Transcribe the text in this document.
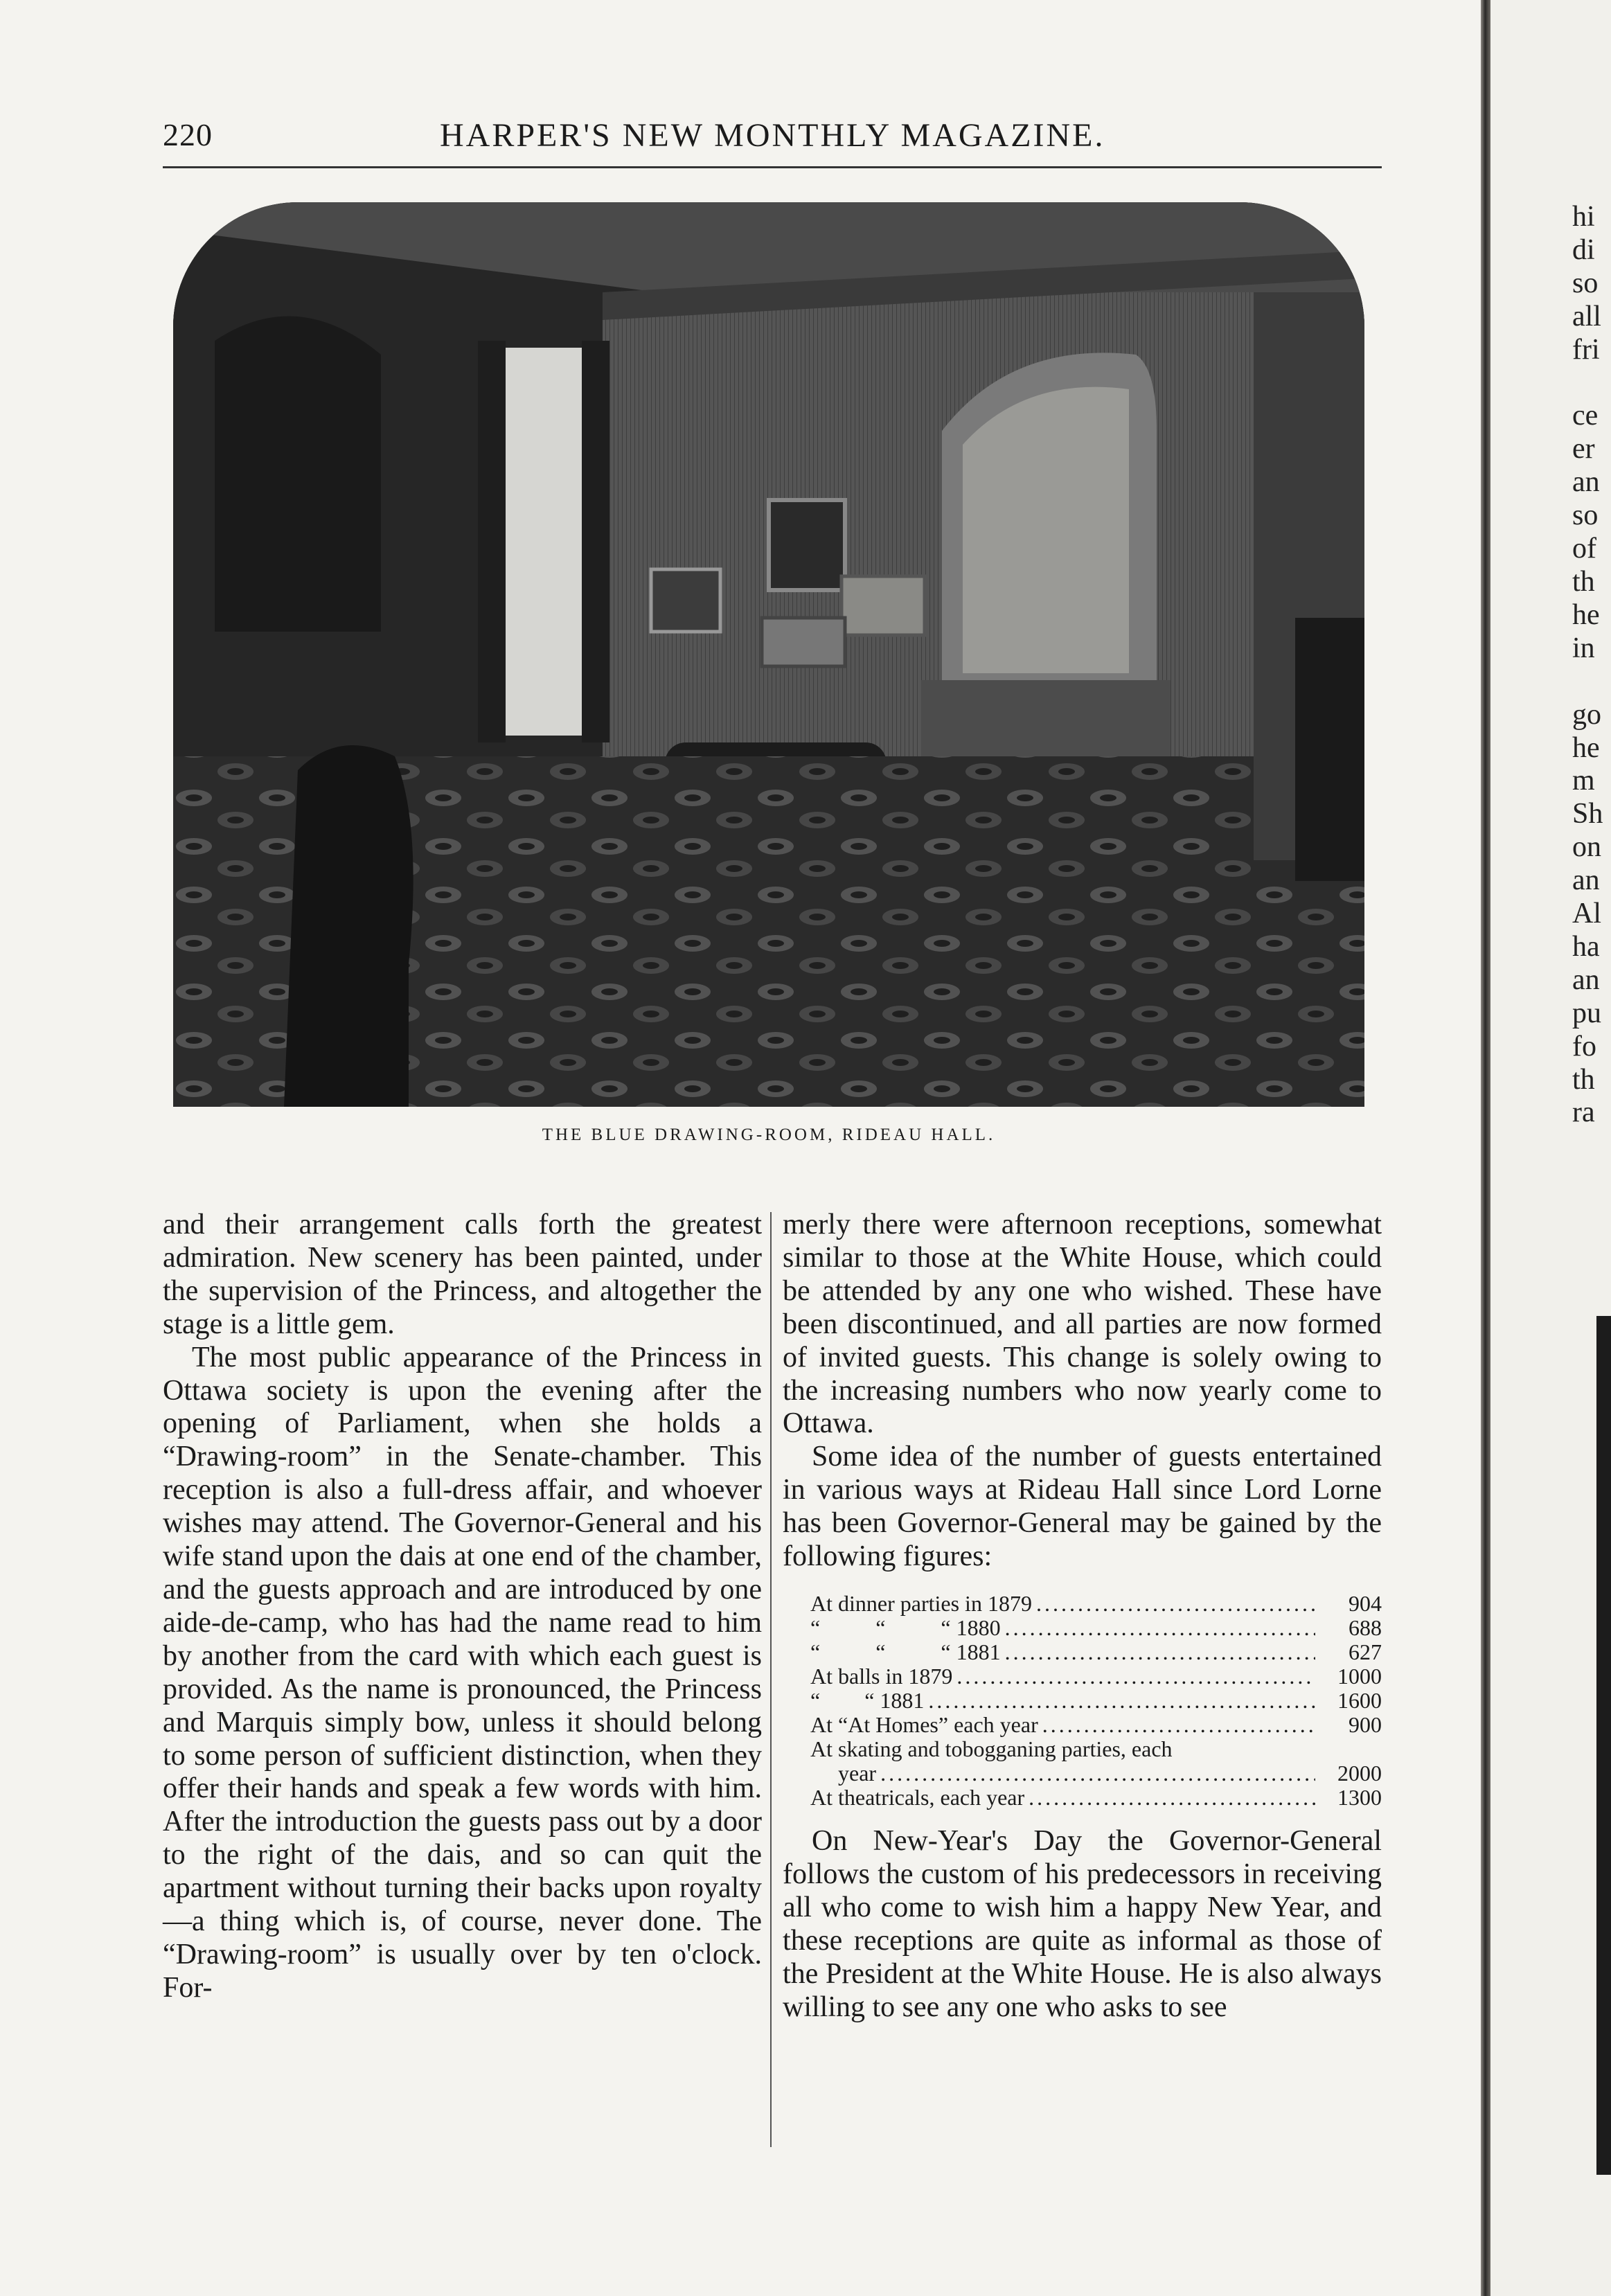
220	HARPER'S NEW MONTHLY MAGAZINE.
THE BLUE DRAWING-ROOM, RIDEAU HALL.

and their arrangement calls forth the greatest admiration. New scenery has been painted, under the supervision of the Princess, and altogether the stage is a little gem.

The most public appearance of the Princess in Ottawa society is upon the evening after the opening of Parliament, when she holds a “Drawing-room” in the Senate-chamber. This reception is also a full-dress affair, and whoever wishes may attend. The Governor-General and his wife stand upon the dais at one end of the chamber, and the guests approach and are introduced by one aide-de-camp, who has had the name read to him by another from the card with which each guest is provided. As the name is pronounced, the Princess and Marquis simply bow, unless it should belong to some person of sufficient distinction, when they offer their hands and speak a few words with him. After the introduction the guests pass out by a door to the right of the dais, and so can quit the apartment without turning their backs upon royalty—a thing which is, of course, never done. The “Drawing-room” is usually over by ten o'clock. For-

merly there were afternoon receptions, somewhat similar to those at the White House, which could be attended by any one who wished. These have been discontinued, and all parties are now formed of invited guests. This change is solely owing to the increasing numbers who now yearly come to Ottawa.

Some idea of the number of guests entertained in various ways at Rideau Hall since Lord Lorne has been Governor-General may be gained by the following figures:

At dinner parties in 1879 .....	904
“          “          “ 1880 .....	688
“          “          “ 1881 .....	627
At balls in 1879 .....	1000
“        “ 1881 .....	1600
At “At Homes” each year .....	900
At skating and tobogganing parties, each
year .....	2000
At theatricals, each year .....	1300

On New-Year's Day the Governor-General follows the custom of his predecessors in receiving all who come to wish him a happy New Year, and these receptions are quite as informal as those of the President at the White House. He is also always willing to see any one who asks to see

hi
di
so
all
fri

ce
er
an
so
of
th
he
in

go
he
m
Sh
on
an
Al
ha
an
pu
fo
th
ra
